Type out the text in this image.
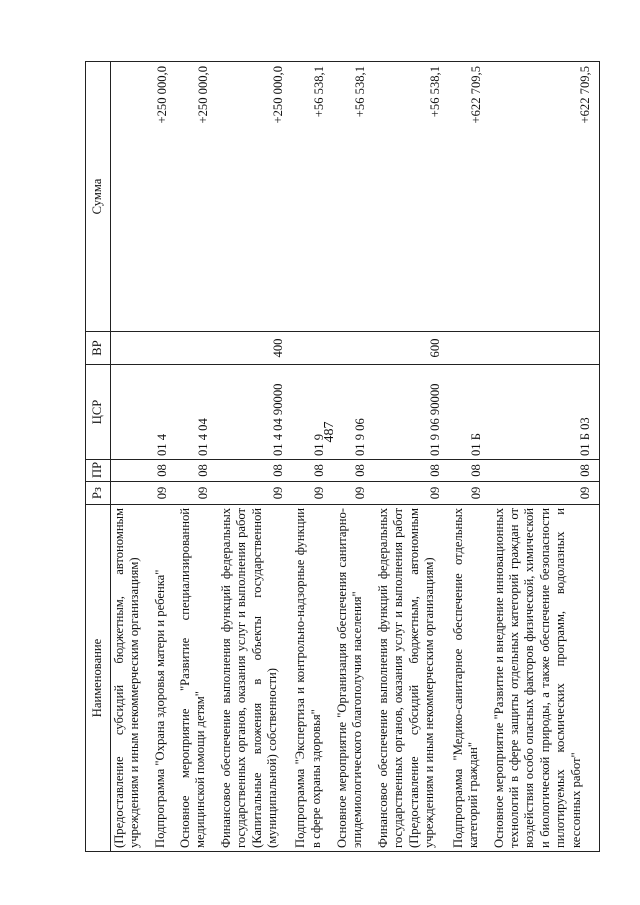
487
Наименование	Рз	ПР	ЦСР	ВР	Сумма
(Предоставление субсидий бюджетным, автономным учреждениям и иным некоммерческим организациям)					
Подпрограмма "Охрана здоровья матери и ребенка"	09	08	01 4		+250 000,0
Основное мероприятие "Развитие специализированной медицинской помощи детям"	09	08	01 4 04		+250 000,0
Финансовое обеспечение выполнения функций федеральных государственных органов, оказания услуг и выполнения работ (Капитальные вложения в объекты государственной (муниципальной) собственности)	09	08	01 4 04 90000	400	+250 000,0
Подпрограмма "Экспертиза и контрольно-надзорные функции в сфере охраны здоровья"	09	08	01 9		+56 538,1
Основное мероприятие "Организация обеспечения санитарно-эпидемиологического благополучия населения"	09	08	01 9 06		+56 538,1
Финансовое обеспечение выполнения функций федеральных государственных органов, оказания услуг и выполнения работ (Предоставление субсидий бюджетным, автономным учреждениям и иным некоммерческим организациям)	09	08	01 9 06 90000	600	+56 538,1
Подпрограмма "Медико-санитарное обеспечение отдельных категорий граждан"	09	08	01 Б		+622 709,5
Основное мероприятие "Развитие и внедрение инновационных технологий в сфере защиты отдельных категорий граждан от воздействия особо опасных факторов физической, химической и биологической природы, а также обеспечение безопасности пилотируемых космических программ, водолазных и кессонных работ"	09	08	01 Б 03		+622 709,5
